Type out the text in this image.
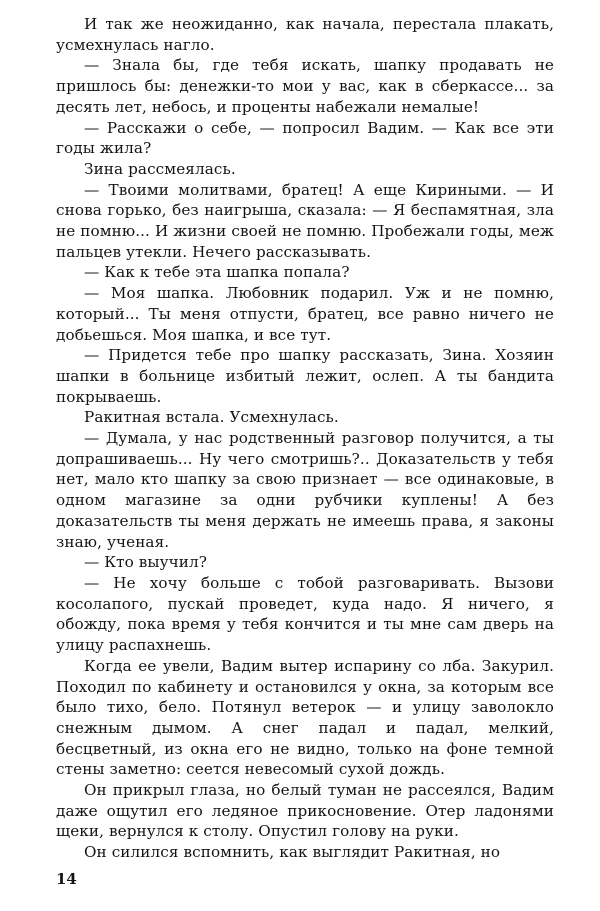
И так же неожиданно, как начала, перестала плакать, усмехнулась нагло.

— Знала бы, где тебя искать, шапку продавать не пришлось бы: денежки-то мои у вас, как в сберкассе... за десять лет, небось, и проценты набежали немалые!

— Расскажи о себе, — попросил Вадим. — Как все эти годы жила?

Зина рассмеялась.

— Твоими молитвами, братец! А еще Кириными. — И снова горько, без наигрыша, сказала: — Я беспамятная, зла не помню... И жизни своей не помню. Пробежали годы, меж пальцев утекли. Нечего рассказывать.

— Как к тебе эта шапка попала?

— Моя шапка. Любовник подарил. Уж и не помню, который... Ты меня отпусти, братец, все равно ничего не добьешься. Моя шапка, и все тут.

— Придется тебе про шапку рассказать, Зина. Хозяин шапки в больнице избитый лежит, ослеп. А ты бандита покрываешь.

Ракитная встала. Усмехнулась.

— Думала, у нас родственный разговор получится, а ты допрашиваешь... Ну чего смотришь?.. Доказательств у тебя нет, мало кто шапку за свою признает — все одинаковые, в одном магазине за одни рубчики куплены! А без доказательств ты меня держать не имеешь права, я законы знаю, ученая.

— Кто выучил?

— Не хочу больше с тобой разговаривать. Вызови косолапого, пускай проведет, куда надо. Я ничего, я обожду, пока время у тебя кончится и ты мне сам дверь на улицу распахнешь.

Когда ее увели, Вадим вытер испарину со лба. Закурил. Походил по кабинету и остановился у окна, за которым все было тихо, бело. Потянул ветерок — и улицу заволокло снежным дымом. А снег падал и падал, мелкий, бесцветный, из окна его не видно, только на фоне темной стены заметно: сеется невесомый сухой дождь.

Он прикрыл глаза, но белый туман не рассеялся, Вадим даже ощутил его ледяное прикосновение. Отер ладонями щеки, вернулся к столу. Опустил голову на руки.

Он силился вспомнить, как выглядит Ракитная, но

14
